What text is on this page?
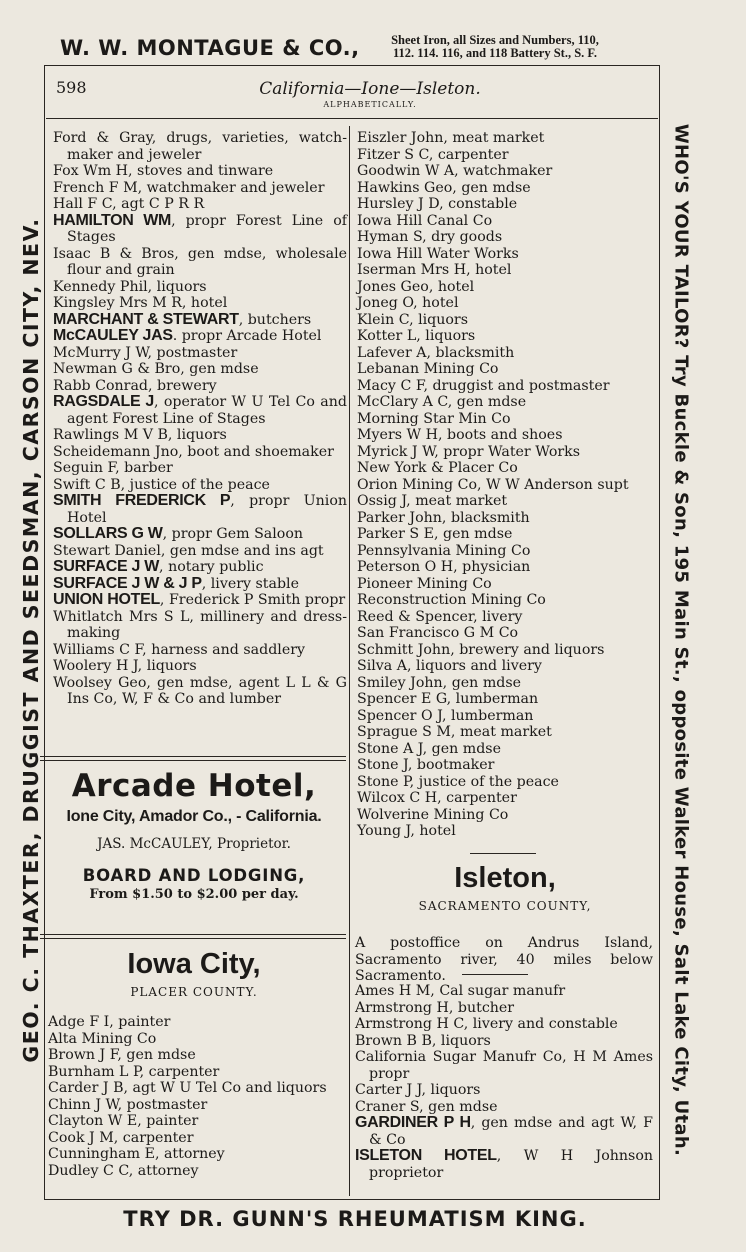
W. W. MONTAGUE & CO.,	Sheet Iron, all Sizes and Numbers, 110,
112. 114. 116, and 118 Battery St., S. F.
GEO. C. THAXTER, DRUGGIST AND SEEDSMAN, CARSON CITY, NEV.	WHO'S YOUR TAILOR? Try Buckle & Son, 195 Main St., opposite Walker House, Salt Lake City, Utah.
598	California—Ione—Isleton.
ALPHABETICALLY.
Ford & Gray, drugs, varieties, watch-maker and jeweler
Fox Wm H, stoves and tinware
French F M, watchmaker and jeweler
Hall F C, agt C P R R
HAMILTON WM, propr Forest Line of Stages
Isaac B & Bros, gen mdse, wholesale flour and grain
Kennedy Phil, liquors
Kingsley Mrs M R, hotel
MARCHANT & STEWART, butchers
McCAULEY JAS. propr Arcade Hotel
McMurry J W, postmaster
Newman G & Bro, gen mdse
Rabb Conrad, brewery
RAGSDALE J, operator W U Tel Co and agent Forest Line of Stages
Rawlings M V B, liquors
Scheidemann Jno, boot and shoemaker
Seguin F, barber
Swift C B, justice of the peace
SMITH FREDERICK P, propr Union Hotel
SOLLARS G W, propr Gem Saloon
Stewart Daniel, gen mdse and ins agt
SURFACE J W, notary public
SURFACE J W & J P, livery stable
UNION HOTEL, Frederick P Smith propr
Whitlatch Mrs S L, millinery and dress-making
Williams C F, harness and saddlery
Woolery H J, liquors
Woolsey Geo, gen mdse, agent L L & G Ins Co, W, F & Co and lumber
Arcade Hotel,
Ione City, Amador Co., - California.
JAS. McCAULEY, Proprietor.
BOARD AND LODGING,
From $1.50 to $2.00 per day.
Iowa City,
PLACER COUNTY.
Adge F I, painter
Alta Mining Co
Brown J F, gen mdse
Burnham L P, carpenter
Carder J B, agt W U Tel Co and liquors
Chinn J W, postmaster
Clayton W E, painter
Cook J M, carpenter
Cunningham E, attorney
Dudley C C, attorney
Eiszler John, meat market
Fitzer S C, carpenter
Goodwin W A, watchmaker
Hawkins Geo, gen mdse
Hursley J D, constable
Iowa Hill Canal Co
Hyman S, dry goods
Iowa Hill Water Works
Iserman Mrs H, hotel
Jones Geo, hotel
Joneg O, hotel
Klein C, liquors
Kotter L, liquors
Lafever A, blacksmith
Lebanan Mining Co
Macy C F, druggist and postmaster
McClary A C, gen mdse
Morning Star Min Co
Myers W H, boots and shoes
Myrick J W, propr Water Works
New York & Placer Co
Orion Mining Co, W W Anderson supt
Ossig J, meat market
Parker John, blacksmith
Parker S E, gen mdse
Pennsylvania Mining Co
Peterson O H, physician
Pioneer Mining Co
Reconstruction Mining Co
Reed & Spencer, livery
San Francisco G M Co
Schmitt John, brewery and liquors
Silva A, liquors and livery
Smiley John, gen mdse
Spencer E G, lumberman
Spencer O J, lumberman
Sprague S M, meat market
Stone A J, gen mdse
Stone J, bootmaker
Stone P, justice of the peace
Wilcox C H, carpenter
Wolverine Mining Co
Young J, hotel
Isleton,
SACRAMENTO COUNTY,
A postoffice on Andrus Island, Sacramento river, 40 miles below Sacramento.
Ames H M, Cal sugar manufr
Armstrong H, butcher
Armstrong H C, livery and constable
Brown B B, liquors
California Sugar Manufr Co, H M Ames propr
Carter J J, liquors
Craner S, gen mdse
GARDINER P H, gen mdse and agt W, F & Co
ISLETON HOTEL, W H Johnson proprietor
TRY DR. GUNN'S RHEUMATISM KING.
